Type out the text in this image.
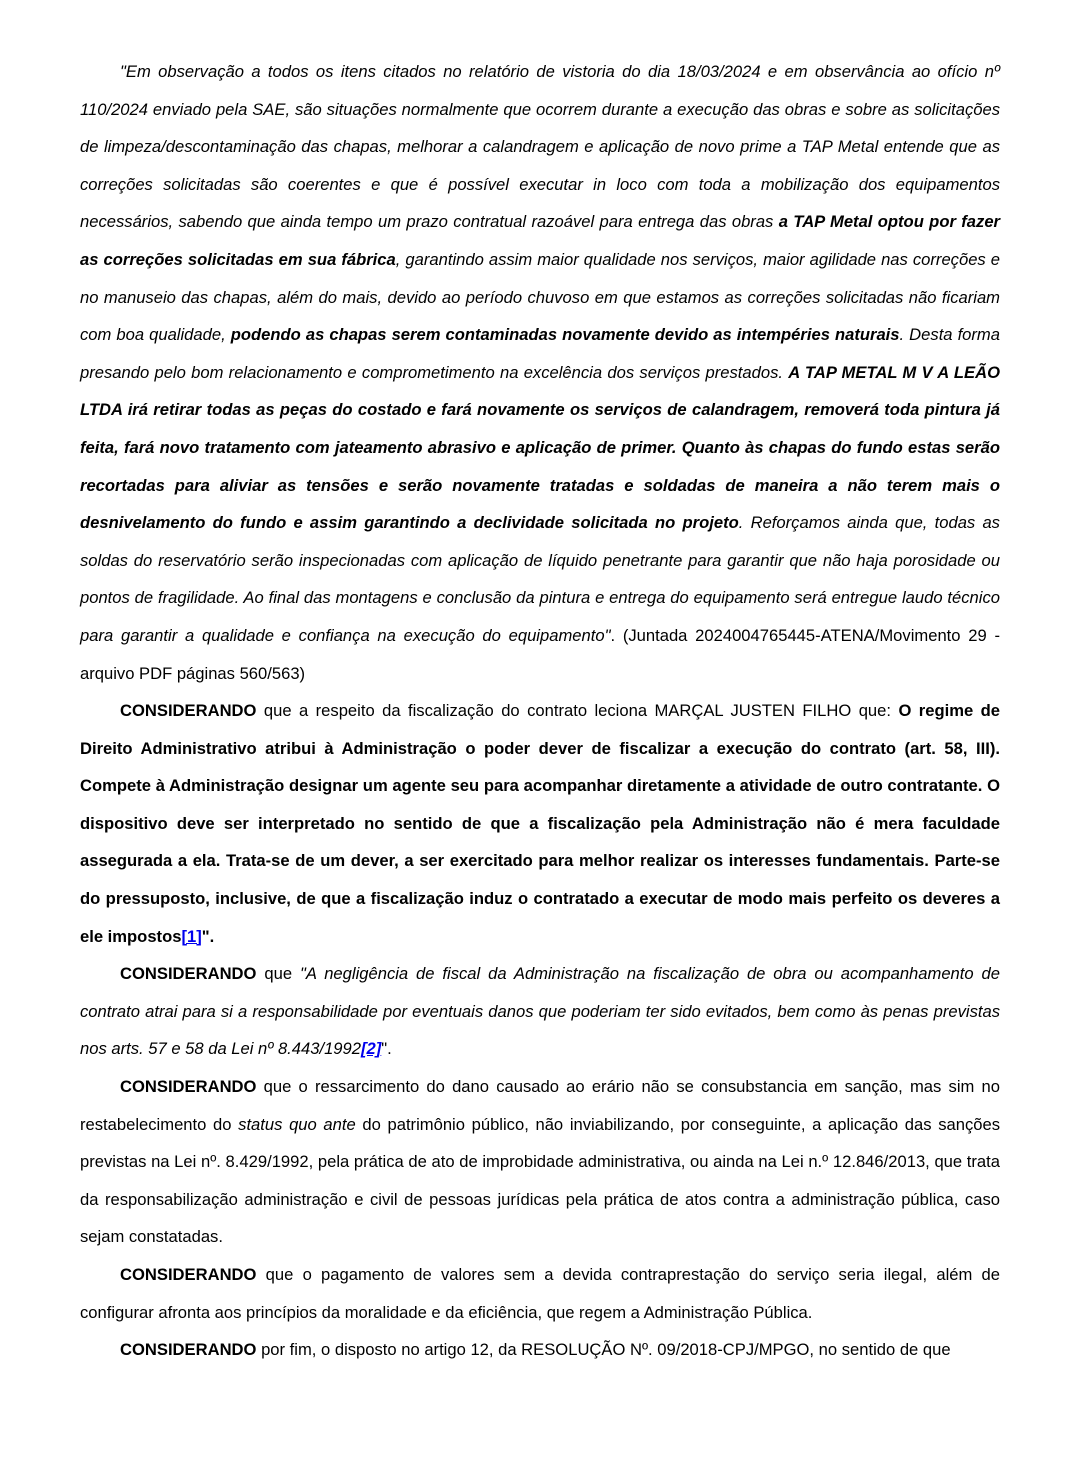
"Em observação a todos os itens citados no relatório de vistoria do dia 18/03/2024 e em observância ao ofício nº 110/2024 enviado pela SAE, são situações normalmente que ocorrem durante a execução das obras e sobre as solicitações de limpeza/descontaminação das chapas, melhorar a calandragem e aplicação de novo prime a TAP Metal entende que as correções solicitadas são coerentes e que é possível executar in loco com toda a mobilização dos equipamentos necessários, sabendo que ainda tempo um prazo contratual razoável para entrega das obras a TAP Metal optou por fazer as correções solicitadas em sua fábrica, garantindo assim maior qualidade nos serviços, maior agilidade nas correções e no manuseio das chapas, além do mais, devido ao período chuvoso em que estamos as correções solicitadas não ficariam com boa qualidade, podendo as chapas serem contaminadas novamente devido as intempéries naturais. Desta forma presando pelo bom relacionamento e comprometimento na excelência dos serviços prestados. A TAP METAL M V A LEÃO LTDA irá retirar todas as peças do costado e fará novamente os serviços de calandragem, removerá toda pintura já feita, fará novo tratamento com jateamento abrasivo e aplicação de primer. Quanto às chapas do fundo estas serão recortadas para aliviar as tensões e serão novamente tratadas e soldadas de maneira a não terem mais o desnivelamento do fundo e assim garantindo a declividade solicitada no projeto. Reforçamos ainda que, todas as soldas do reservatório serão inspecionadas com aplicação de líquido penetrante para garantir que não haja porosidade ou pontos de fragilidade. Ao final das montagens e conclusão da pintura e entrega do equipamento será entregue laudo técnico para garantir a qualidade e confiança na execução do equipamento". (Juntada 2024004765445-ATENA/Movimento 29 - arquivo PDF páginas 560/563)

CONSIDERANDO que a respeito da fiscalização do contrato leciona MARÇAL JUSTEN FILHO que: O regime de Direito Administrativo atribui à Administração o poder dever de fiscalizar a execução do contrato (art. 58, III). Compete à Administração designar um agente seu para acompanhar diretamente a atividade de outro contratante. O dispositivo deve ser interpretado no sentido de que a fiscalização pela Administração não é mera faculdade assegurada a ela. Trata-se de um dever, a ser exercitado para melhor realizar os interesses fundamentais. Parte-se do pressuposto, inclusive, de que a fiscalização induz o contratado a executar de modo mais perfeito os deveres a ele impostos[1]".

CONSIDERANDO que "A negligência de fiscal da Administração na fiscalização de obra ou acompanhamento de contrato atrai para si a responsabilidade por eventuais danos que poderiam ter sido evitados, bem como às penas previstas nos arts. 57 e 58 da Lei nº 8.443/1992[2]".

CONSIDERANDO que o ressarcimento do dano causado ao erário não se consubstancia em sanção, mas sim no restabelecimento do status quo ante do patrimônio público, não inviabilizando, por conseguinte, a aplicação das sanções previstas na Lei nº. 8.429/1992, pela prática de ato de improbidade administrativa, ou ainda na Lei n.º 12.846/2013, que trata da responsabilização administração e civil de pessoas jurídicas pela prática de atos contra a administração pública, caso sejam constatadas.

CONSIDERANDO que o pagamento de valores sem a devida contraprestação do serviço seria ilegal, além de configurar afronta aos princípios da moralidade e da eficiência, que regem a Administração Pública.

CONSIDERANDO por fim, o disposto no artigo 12, da RESOLUÇÃO Nº. 09/2018-CPJ/MPGO, no sentido de que
